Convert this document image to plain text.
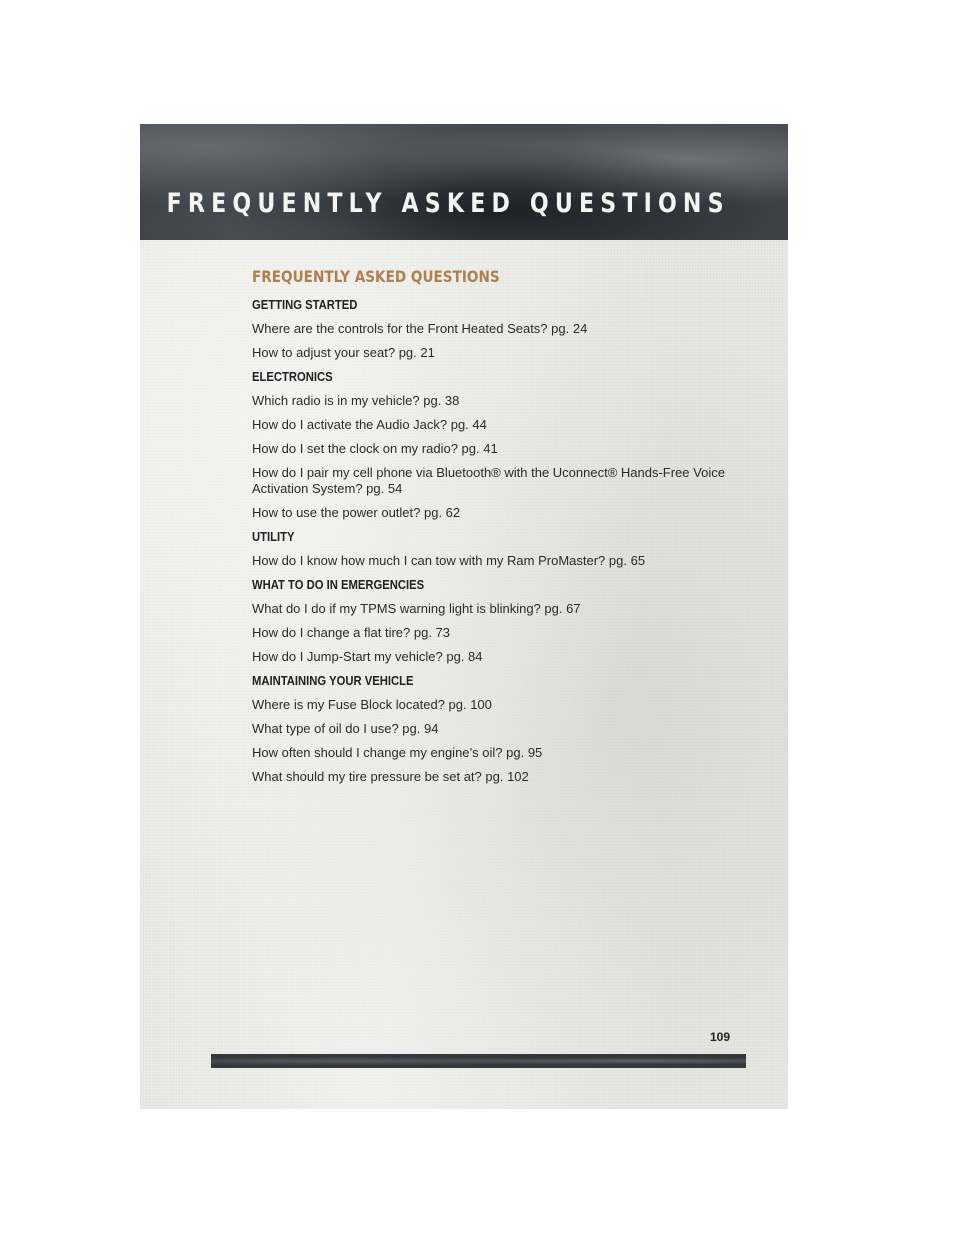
FREQUENTLY ASKED QUESTIONS
FREQUENTLY ASKED QUESTIONS
GETTING STARTED
Where are the controls for the Front Heated Seats? pg. 24
How to adjust your seat? pg. 21
ELECTRONICS
Which radio is in my vehicle? pg. 38
How do I activate the Audio Jack? pg. 44
How do I set the clock on my radio? pg. 41
How do I pair my cell phone via Bluetooth® with the Uconnect® Hands-Free Voice Activation System? pg. 54
How to use the power outlet? pg. 62
UTILITY
How do I know how much I can tow with my Ram ProMaster? pg. 65
WHAT TO DO IN EMERGENCIES
What do I do if my TPMS warning light is blinking? pg. 67
How do I change a flat tire? pg. 73
How do I Jump-Start my vehicle? pg. 84
MAINTAINING YOUR VEHICLE
Where is my Fuse Block located? pg. 100
What type of oil do I use? pg. 94
How often should I change my engine’s oil? pg. 95
What should my tire pressure be set at? pg. 102
109
